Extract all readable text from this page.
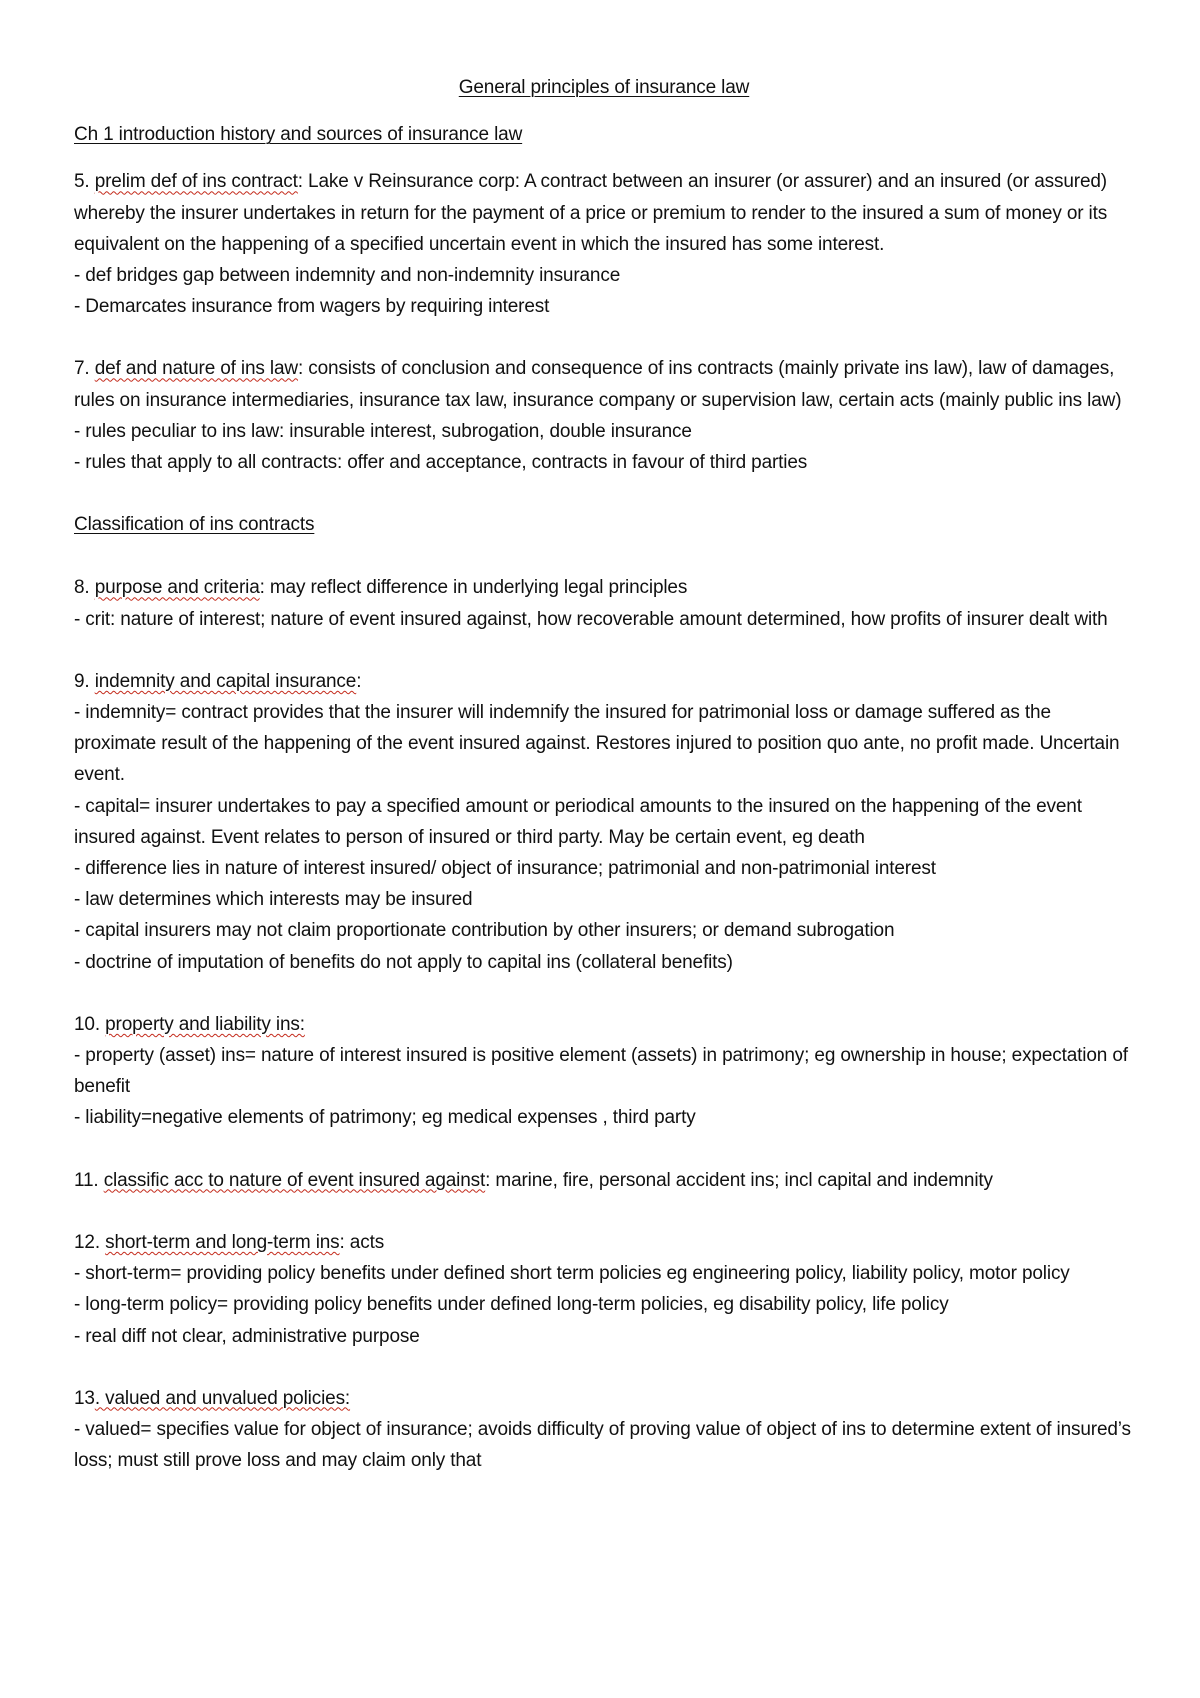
General principles of insurance law

Ch 1 introduction history and sources of insurance law

5. prelim def of ins contract: Lake v Reinsurance corp: A contract between an insurer (or assurer) and an insured (or assured) whereby the insurer undertakes in return for the payment of a price or premium to render to the insured a sum of money or its equivalent on the happening of a specified uncertain event in which the insured has some interest.

- def bridges gap between indemnity and non-indemnity insurance

- Demarcates insurance from wagers by requiring interest

7. def and nature of ins law: consists of conclusion and consequence of ins contracts (mainly private ins law), law of damages, rules on insurance intermediaries, insurance tax law, insurance company or supervision law, certain acts (mainly public ins law)

- rules peculiar to ins law: insurable interest, subrogation, double insurance

- rules that apply to all contracts: offer and acceptance, contracts in favour of third parties

Classification of ins contracts

8. purpose and criteria: may reflect difference in underlying legal principles

- crit: nature of interest; nature of event insured against, how recoverable amount determined, how profits of insurer dealt with

9. indemnity and capital insurance:

- indemnity= contract provides that the insurer will indemnify the insured for patrimonial loss or damage suffered as the proximate result of the happening of the event insured against. Restores injured to position quo ante, no profit made. Uncertain event.

- capital= insurer undertakes to pay a specified amount or periodical amounts to the insured on the happening of the event insured against. Event relates to person of insured or third party. May be certain event, eg death

- difference lies in nature of interest insured/ object of insurance; patrimonial and non-patrimonial interest

- law determines which interests may be insured

- capital insurers may not claim proportionate contribution by other insurers; or demand subrogation

- doctrine of imputation of benefits do not apply to capital ins (collateral benefits)

10. property and liability ins:

- property (asset) ins= nature of interest insured is positive element (assets) in patrimony; eg ownership in house; expectation of benefit

- liability=negative elements of patrimony; eg medical expenses , third party

11. classific acc to nature of event insured against: marine, fire, personal accident ins; incl capital and indemnity

12. short-term and long-term ins: acts

- short-term= providing policy benefits under defined short term policies eg engineering policy, liability policy, motor policy

- long-term policy= providing policy benefits under defined long-term policies, eg disability policy, life policy

- real diff not clear, administrative purpose

13. valued and unvalued policies:

- valued= specifies value for object of insurance; avoids difficulty of proving value of object of ins to determine extent of insured’s loss; must still prove loss and may claim only that
